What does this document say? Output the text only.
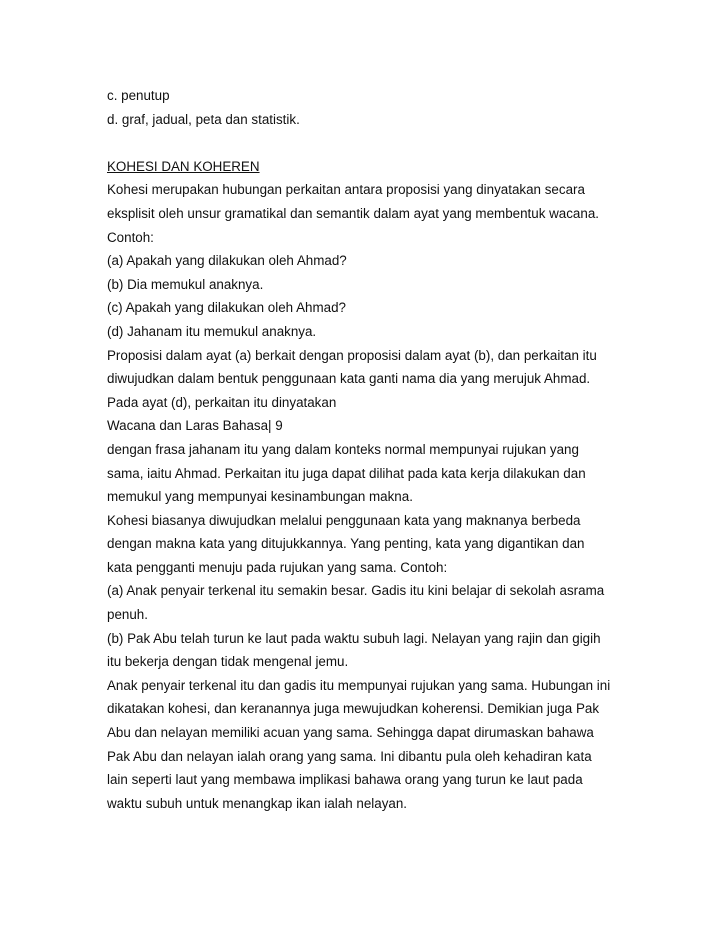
c. penutup
d. graf, jadual, peta dan statistik.
KOHESI DAN KOHEREN
Kohesi merupakan hubungan perkaitan antara proposisi yang dinyatakan secara
eksplisit oleh unsur gramatikal dan semantik dalam ayat yang membentuk wacana.
Contoh:
(a) Apakah yang dilakukan oleh Ahmad?
(b) Dia memukul anaknya.
(c) Apakah yang dilakukan oleh Ahmad?
(d) Jahanam itu memukul anaknya.
Proposisi dalam ayat (a) berkait dengan proposisi dalam ayat (b), dan perkaitan itu
diwujudkan dalam bentuk penggunaan kata ganti nama dia yang merujuk Ahmad.
Pada ayat (d), perkaitan itu dinyatakan
Wacana dan Laras Bahasa| 9
dengan frasa jahanam itu yang dalam konteks normal mempunyai rujukan yang
sama, iaitu Ahmad. Perkaitan itu juga dapat dilihat pada kata kerja dilakukan dan
memukul yang mempunyai kesinambungan makna.
Kohesi biasanya diwujudkan melalui penggunaan kata yang maknanya berbeda
dengan makna kata yang ditujukkannya. Yang penting, kata yang digantikan dan
kata pengganti menuju pada rujukan yang sama. Contoh:
(a) Anak penyair terkenal itu semakin besar. Gadis itu kini belajar di sekolah asrama
penuh.
(b) Pak Abu telah turun ke laut pada waktu subuh lagi. Nelayan yang rajin dan gigih
itu bekerja dengan tidak mengenal jemu.
Anak penyair terkenal itu dan gadis itu mempunyai rujukan yang sama. Hubungan ini
dikatakan kohesi, dan keranannya juga mewujudkan koherensi. Demikian juga Pak
Abu dan nelayan memiliki acuan yang sama. Sehingga dapat dirumaskan bahawa
Pak Abu dan nelayan ialah orang yang sama. Ini dibantu pula oleh kehadiran kata
lain seperti laut yang membawa implikasi bahawa orang yang turun ke laut pada
waktu subuh untuk menangkap ikan ialah nelayan.
